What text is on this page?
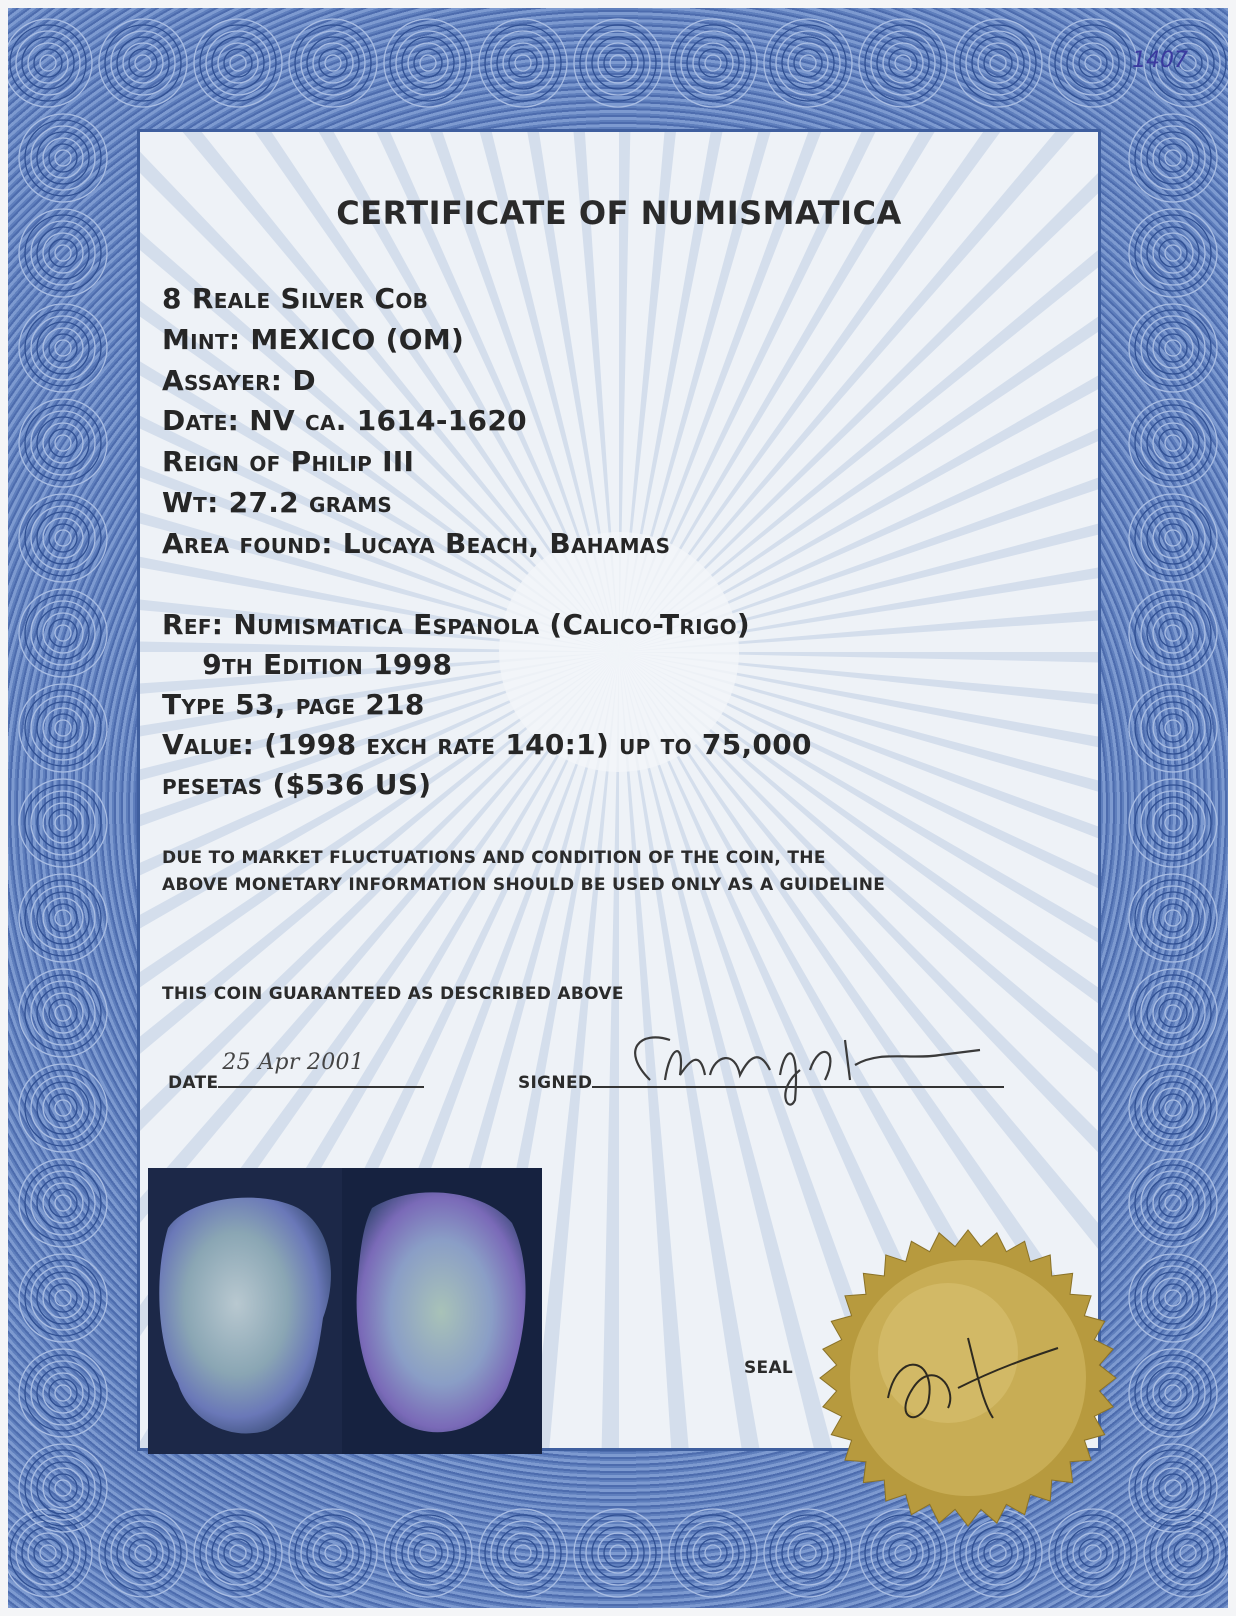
1407
CERTIFICATE OF NUMISMATICA
8 Reale Silver Cob
Mint: MEXICO (OM)
Assayer: D
Date: NV ca. 1614-1620
Reign of Philip III
Wt: 27.2 grams
Area found: Lucaya Beach, Bahamas
Ref: Numismatica Espanola (Calico-Trigo)
9th Edition 1998
Type 53, page 218
Value: (1998 exch rate 140:1) up to 75,000
pesetas ($536 US)
DUE TO MARKET FLUCTUATIONS AND CONDITION OF THE COIN, THE
ABOVE MONETARY INFORMATION SHOULD BE USED ONLY AS A GUIDELINE
THIS COIN GUARANTEED AS DESCRIBED ABOVE
DATE
25 Apr 2001
SIGNED
SEAL
